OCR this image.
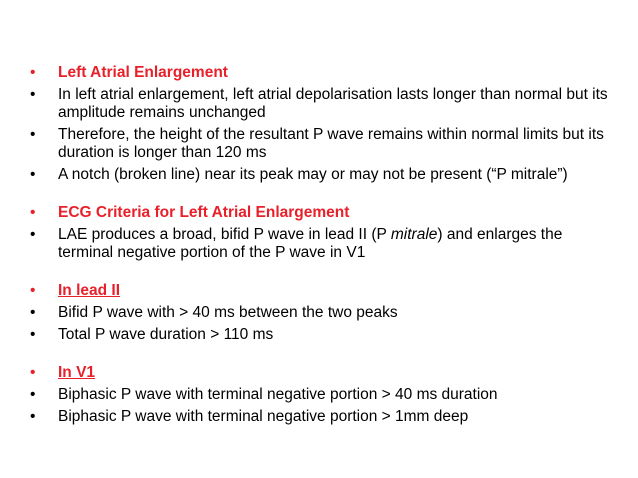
•	Left Atrial Enlargement
•	In left atrial enlargement, left atrial depolarisation lasts longer than normal but its amplitude remains unchanged
•	Therefore, the height of the resultant P wave remains within normal limits but its duration is longer than 120 ms
•	A notch (broken line) near its peak may or may not be present (“P mitrale”)
•	ECG Criteria for Left Atrial Enlargement
•	LAE produces a broad, bifid P wave in lead II (P mitrale) and enlarges the terminal negative portion of the P wave in V1
•	In lead II
•	Bifid P wave with > 40 ms between the two peaks
•	Total P wave duration > 110 ms
•	In V1
•	Biphasic P wave with terminal negative portion > 40 ms duration
•	Biphasic P wave with terminal negative portion > 1mm deep
